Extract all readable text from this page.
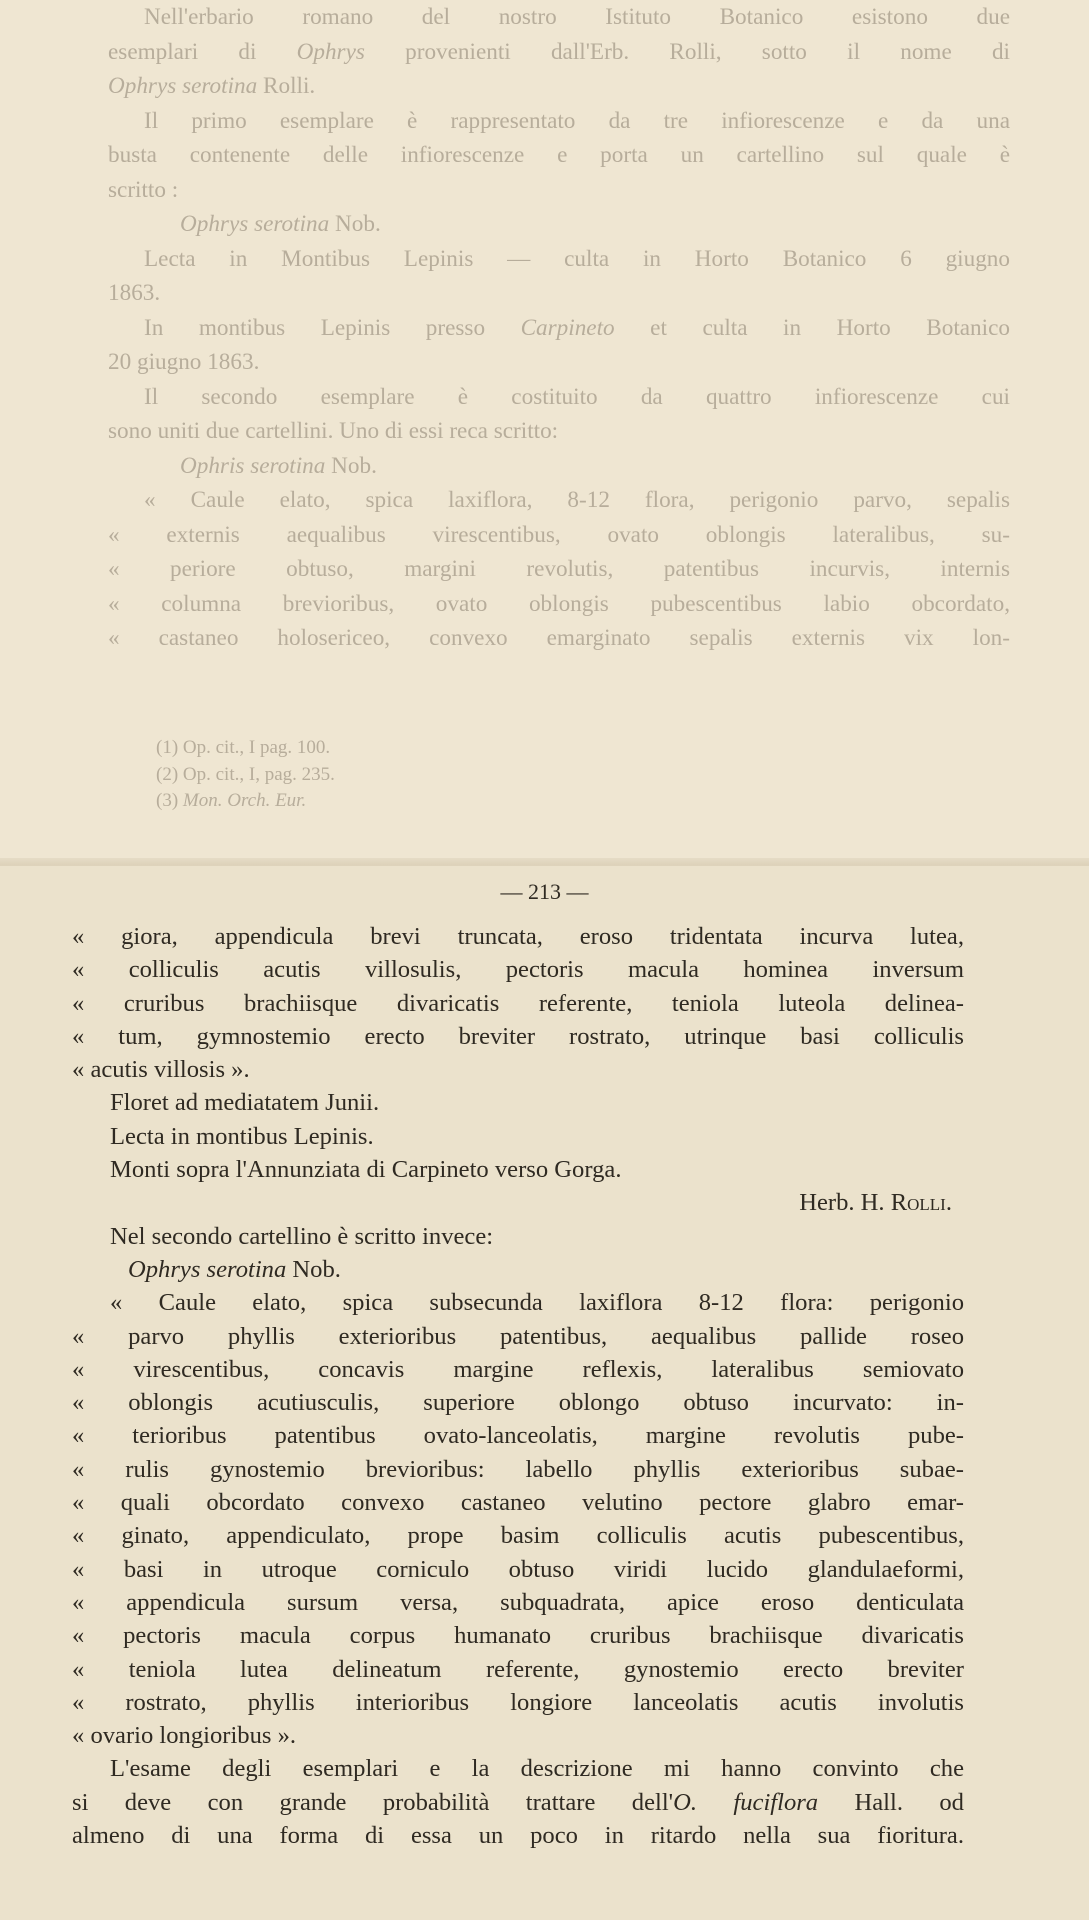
Nell'erbario romano del nostro Istituto Botanico esistono due

esemplari di Ophrys provenienti dall'Erb. Rolli, sotto il nome di

Ophrys serotina Rolli.

Il primo esemplare è rappresentato da tre infiorescenze e da una

busta contenente delle infiorescenze e porta un cartellino sul quale è

scritto :

Ophrys serotina Nob.

Lecta in Montibus Lepinis — culta in Horto Botanico 6 giugno

1863.

In montibus Lepinis presso Carpineto et culta in Horto Botanico

20 giugno 1863.

Il secondo esemplare è costituito da quattro infiorescenze cui

sono uniti due cartellini. Uno di essi reca scritto:

Ophris serotina Nob.

« Caule elato, spica laxiflora, 8-12 flora, perigonio parvo, sepalis

« externis aequalibus virescentibus, ovato oblongis lateralibus, su-

« periore obtuso, margini revolutis, patentibus incurvis, internis

« columna brevioribus, ovato oblongis pubescentibus labio obcordato,

« castaneo holosericeo, convexo emarginato sepalis externis vix lon-

(1) Op. cit., I pag. 100.

(2) Op. cit., I, pag. 235.

(3) Mon. Orch. Eur.

— 213 —

« giora, appendicula brevi truncata, eroso tridentata incurva lutea,

« colliculis acutis villosulis, pectoris macula hominea inversum

« cruribus brachiisque divaricatis referente, teniola luteola delinea-

« tum, gymnostemio erecto breviter rostrato, utrinque basi colliculis

« acutis villosis ».

Floret ad mediatatem Junii.

Lecta in montibus Lepinis.

Monti sopra l'Annunziata di Carpineto verso Gorga.

Herb. H. Rolli.

Nel secondo cartellino è scritto invece:

Ophrys serotina Nob.

« Caule elato, spica subsecunda laxiflora 8-12 flora: perigonio

« parvo phyllis exterioribus patentibus, aequalibus pallide roseo

« virescentibus, concavis margine reflexis, lateralibus semiovato

« oblongis acutiusculis, superiore oblongo obtuso incurvato: in-

« terioribus patentibus ovato-lanceolatis, margine revolutis pube-

« rulis gynostemio brevioribus: labello phyllis exterioribus subae-

« quali obcordato convexo castaneo velutino pectore glabro emar-

« ginato, appendiculato, prope basim colliculis acutis pubescentibus,

« basi in utroque corniculo obtuso viridi lucido glandulaeformi,

« appendicula sursum versa, subquadrata, apice eroso denticulata

« pectoris macula corpus humanato cruribus brachiisque divaricatis

« teniola lutea delineatum referente, gynostemio erecto breviter

« rostrato, phyllis interioribus longiore lanceolatis acutis involutis

« ovario longioribus ».

L'esame degli esemplari e la descrizione mi hanno convinto che

si deve con grande probabilità trattare dell'O. fuciflora Hall. od

almeno di una forma di essa un poco in ritardo nella sua fioritura.
